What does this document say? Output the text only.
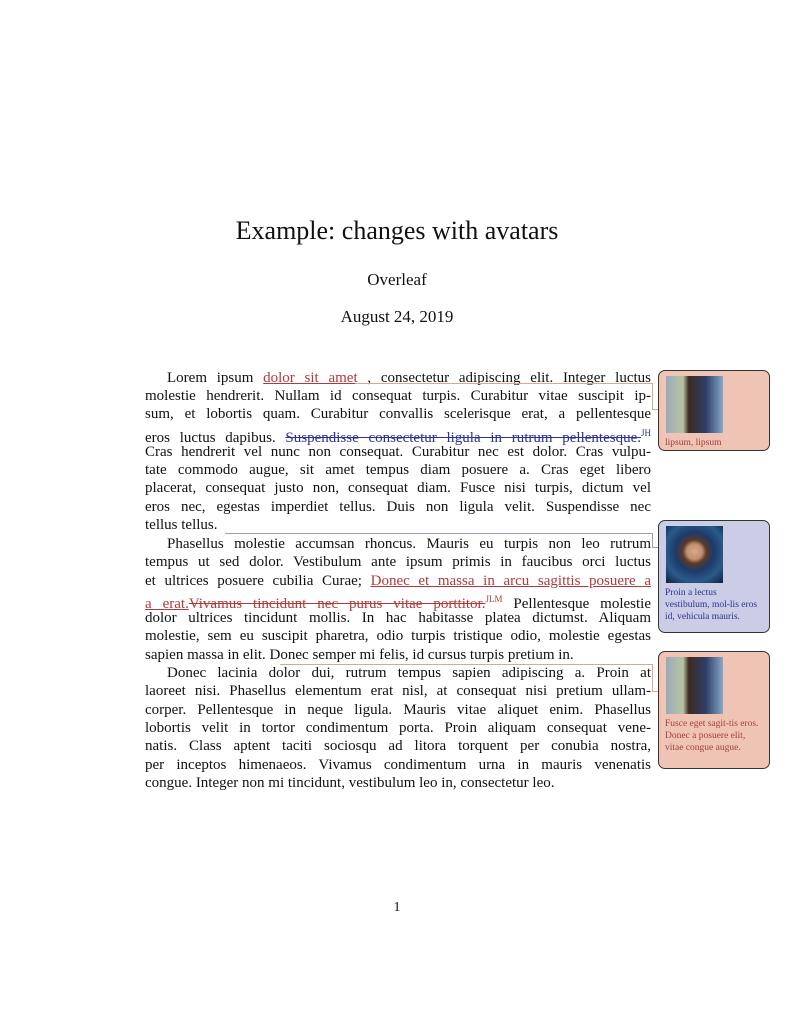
Example: changes with avatars
Overleaf
August 24, 2019
Lorem ipsum dolor sit amet , consectetur adipiscing elit. Integer luctus
molestie hendrerit. Nullam id consequat turpis. Curabitur vitae suscipit ip-
sum, et lobortis quam. Curabitur convallis scelerisque erat, a pellentesque
eros luctus dapibus. Suspendisse consectetur ligula in rutrum pellentesque.$^{JH}$
Cras hendrerit vel nunc non consequat. Curabitur nec est dolor. Cras vulpu-
tate commodo augue, sit amet tempus diam posuere a. Cras eget libero
placerat, consequat justo non, consequat diam. Fusce nisi turpis, dictum vel
eros nec, egestas imperdiet tellus. Duis non ligula velit. Suspendisse nec
tellus tellus.
Phasellus molestie accumsan rhoncus. Mauris eu turpis non leo rutrum
tempus ut sed dolor. Vestibulum ante ipsum primis in faucibus orci luctus
et ultrices posuere cubilia Curae; Donec et massa in arcu sagittis posuere a
a erat.Vivamus tincidunt nec purus vitae porttitor.$^{JLM}$ Pellentesque molestie
dolor ultrices tincidunt mollis. In hac habitasse platea dictumst. Aliquam
molestie, sem eu suscipit pharetra, odio turpis tristique odio, molestie egestas
sapien massa in elit. Donec semper mi felis, id cursus turpis pretium in.
Donec lacinia dolor dui, rutrum tempus sapien adipiscing a. Proin at
laoreet nisi. Phasellus elementum erat nisl, at consequat nisi pretium ullam-
corper. Pellentesque in neque ligula. Mauris vitae aliquet enim. Phasellus
lobortis velit in tortor condimentum porta. Proin aliquam consequat vene-
natis. Class aptent taciti sociosqu ad litora torquent per conubia nostra,
per inceptos himenaeos. Vivamus condimentum urna in mauris venenatis
congue. Integer non mi tincidunt, vestibulum leo in, consectetur leo.
lipsum, lipsum
Proin a lectus vestibulum, mol-lis eros id, vehicula mauris.
Fusce eget sagit-tis eros. Donec a posuere elit, vitae congue augue.
1
